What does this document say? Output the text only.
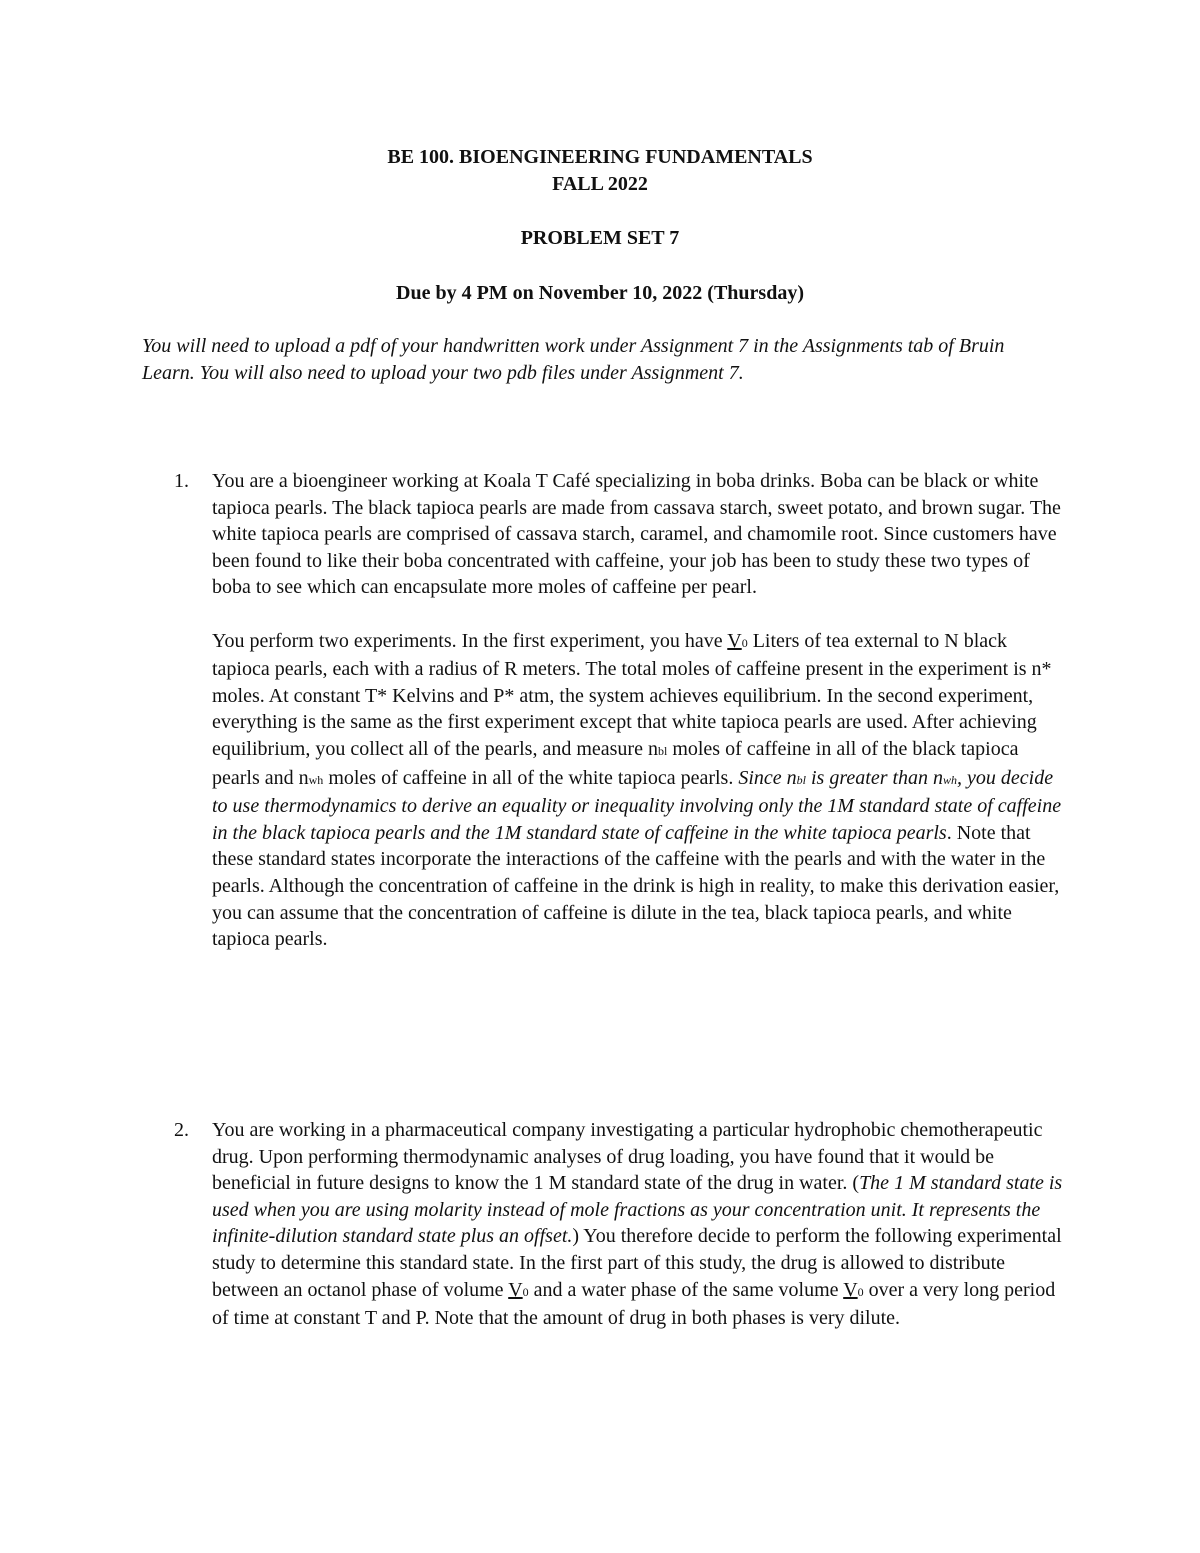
BE 100. BIOENGINEERING FUNDAMENTALS
FALL 2022
PROBLEM SET 7
Due by 4 PM on November 10, 2022 (Thursday)
You will need to upload a pdf of your handwritten work under Assignment 7 in the Assignments tab of Bruin Learn. You will also need to upload your two pdb files under Assignment 7.
1. You are a bioengineer working at Koala T Café specializing in boba drinks. Boba can be black or white tapioca pearls. The black tapioca pearls are made from cassava starch, sweet potato, and brown sugar. The white tapioca pearls are comprised of cassava starch, caramel, and chamomile root. Since customers have been found to like their boba concentrated with caffeine, your job has been to study these two types of boba to see which can encapsulate more moles of caffeine per pearl.

You perform two experiments. In the first experiment, you have V0 Liters of tea external to N black tapioca pearls, each with a radius of R meters. The total moles of caffeine present in the experiment is n* moles. At constant T* Kelvins and P* atm, the system achieves equilibrium. In the second experiment, everything is the same as the first experiment except that white tapioca pearls are used. After achieving equilibrium, you collect all of the pearls, and measure nbl moles of caffeine in all of the black tapioca pearls and nwh moles of caffeine in all of the white tapioca pearls. Since nbl is greater than nwh, you decide to use thermodynamics to derive an equality or inequality involving only the 1M standard state of caffeine in the black tapioca pearls and the 1M standard state of caffeine in the white tapioca pearls. Note that these standard states incorporate the interactions of the caffeine with the pearls and with the water in the pearls. Although the concentration of caffeine in the drink is high in reality, to make this derivation easier, you can assume that the concentration of caffeine is dilute in the tea, black tapioca pearls, and white tapioca pearls.

2. You are working in a pharmaceutical company investigating a particular hydrophobic chemotherapeutic drug. Upon performing thermodynamic analyses of drug loading, you have found that it would be beneficial in future designs to know the 1 M standard state of the drug in water. (The 1 M standard state is used when you are using molarity instead of mole fractions as your concentration unit. It represents the infinite-dilution standard state plus an offset.) You therefore decide to perform the following experimental study to determine this standard state. In the first part of this study, the drug is allowed to distribute between an octanol phase of volume V0 and a water phase of the same volume V0 over a very long period of time at constant T and P. Note that the amount of drug in both phases is very dilute.
